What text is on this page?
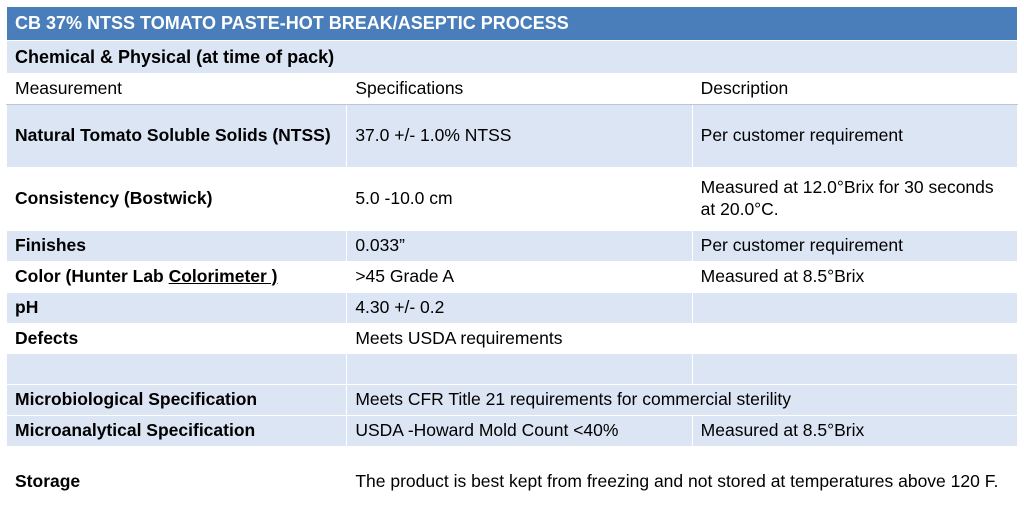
CB 37% NTSS TOMATO PASTE-HOT BREAK/ASEPTIC PROCESS		
Chemical & Physical (at time of pack)		
Measurement	Specifications	Description
Natural Tomato Soluble Solids (NTSS)	37.0 +/- 1.0% NTSS	Per customer requirement
Consistency (Bostwick)	5.0 -10.0 cm	Measured at 12.0°Brix for 30 seconds at 20.0°C.
Finishes	0.033”	Per customer requirement
Color (Hunter Lab Colorimeter )	>45 Grade A	Measured at 8.5°Brix
pH	4.30 +/- 0.2	
Defects	Meets USDA requirements	

Microbiological Specification	Meets CFR Title 21 requirements for commercial sterility	
Microanalytical Specification	USDA -Howard Mold Count <40%	Measured at 8.5°Brix
Storage	The product is best kept from freezing and not stored at temperatures above 120 F.	
